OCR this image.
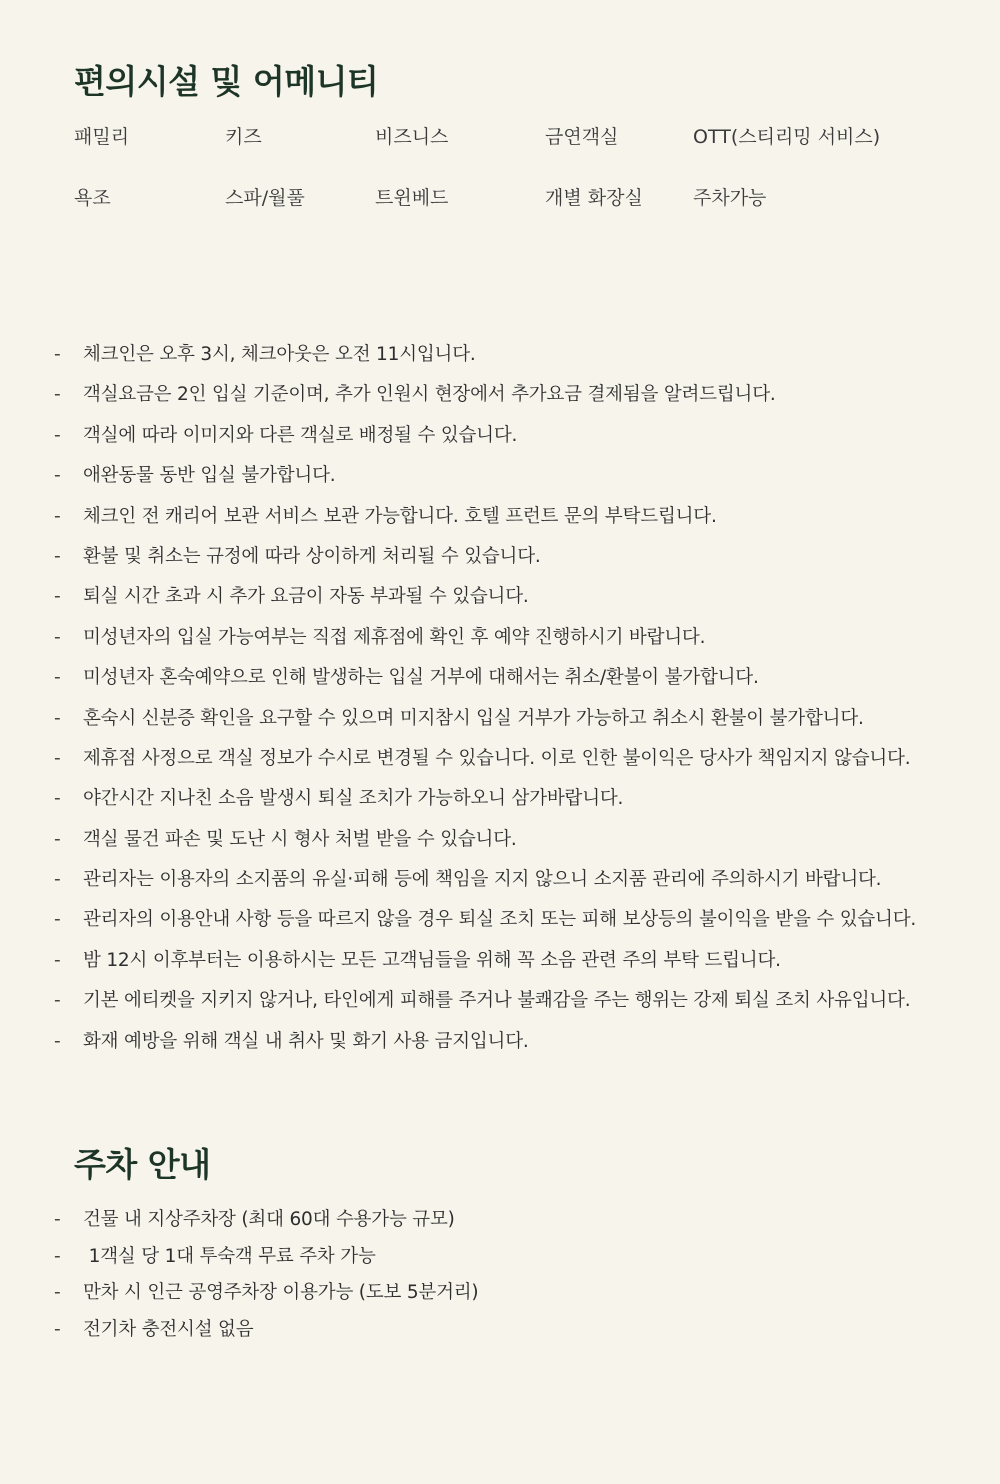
편의시설 및 어메니티
패밀리	키즈	비즈니스	금연객실	OTT(스티리밍 서비스)
욕조	스파/월풀	트윈베드	개별 화장실	주차가능
- 체크인은 오후 3시, 체크아웃은 오전 11시입니다.
- 객실요금은 2인 입실 기준이며, 추가 인원시 현장에서 추가요금 결제됨을 알려드립니다.
- 객실에 따라 이미지와 다른 객실로 배정될 수 있습니다.
- 애완동물 동반 입실 불가합니다.
- 체크인 전 캐리어 보관 서비스 보관 가능합니다. 호텔 프런트 문의 부탁드립니다.
- 환불 및 취소는 규정에 따라 상이하게 처리될 수 있습니다.
- 퇴실 시간 초과 시 추가 요금이 자동 부과될 수 있습니다.
- 미성년자의 입실 가능여부는 직접 제휴점에 확인 후 예약 진행하시기 바랍니다.
- 미성년자 혼숙예약으로 인해 발생하는 입실 거부에 대해서는 취소/환불이 불가합니다.
- 혼숙시 신분증 확인을 요구할 수 있으며 미지참시 입실 거부가 가능하고 취소시 환불이 불가합니다.
- 제휴점 사정으로 객실 정보가 수시로 변경될 수 있습니다. 이로 인한 불이익은 당사가 책임지지 않습니다.
- 야간시간 지나친 소음 발생시 퇴실 조치가 가능하오니 삼가바랍니다.
- 객실 물건 파손 및 도난 시 형사 처벌 받을 수 있습니다.
- 관리자는 이용자의 소지품의 유실·피해 등에 책임을 지지 않으니 소지품 관리에 주의하시기 바랍니다.
- 관리자의 이용안내 사항 등을 따르지 않을 경우 퇴실 조치 또는 피해 보상등의 불이익을 받을 수 있습니다.
- 밤 12시 이후부터는 이용하시는 모든 고객님들을 위해 꼭 소음 관련 주의 부탁 드립니다.
- 기본 에티켓을 지키지 않거나, 타인에게 피해를 주거나 불쾌감을 주는 행위는 강제 퇴실 조치 사유입니다.
- 화재 예방을 위해 객실 내 취사 및 화기 사용 금지입니다.
주차 안내
- 건물 내 지상주차장 (최대 60대 수용가능 규모)
- 1객실 당 1대 투숙객 무료 주차 가능
- 만차 시 인근 공영주차장 이용가능 (도보 5분거리)
- 전기차 충전시설 없음
